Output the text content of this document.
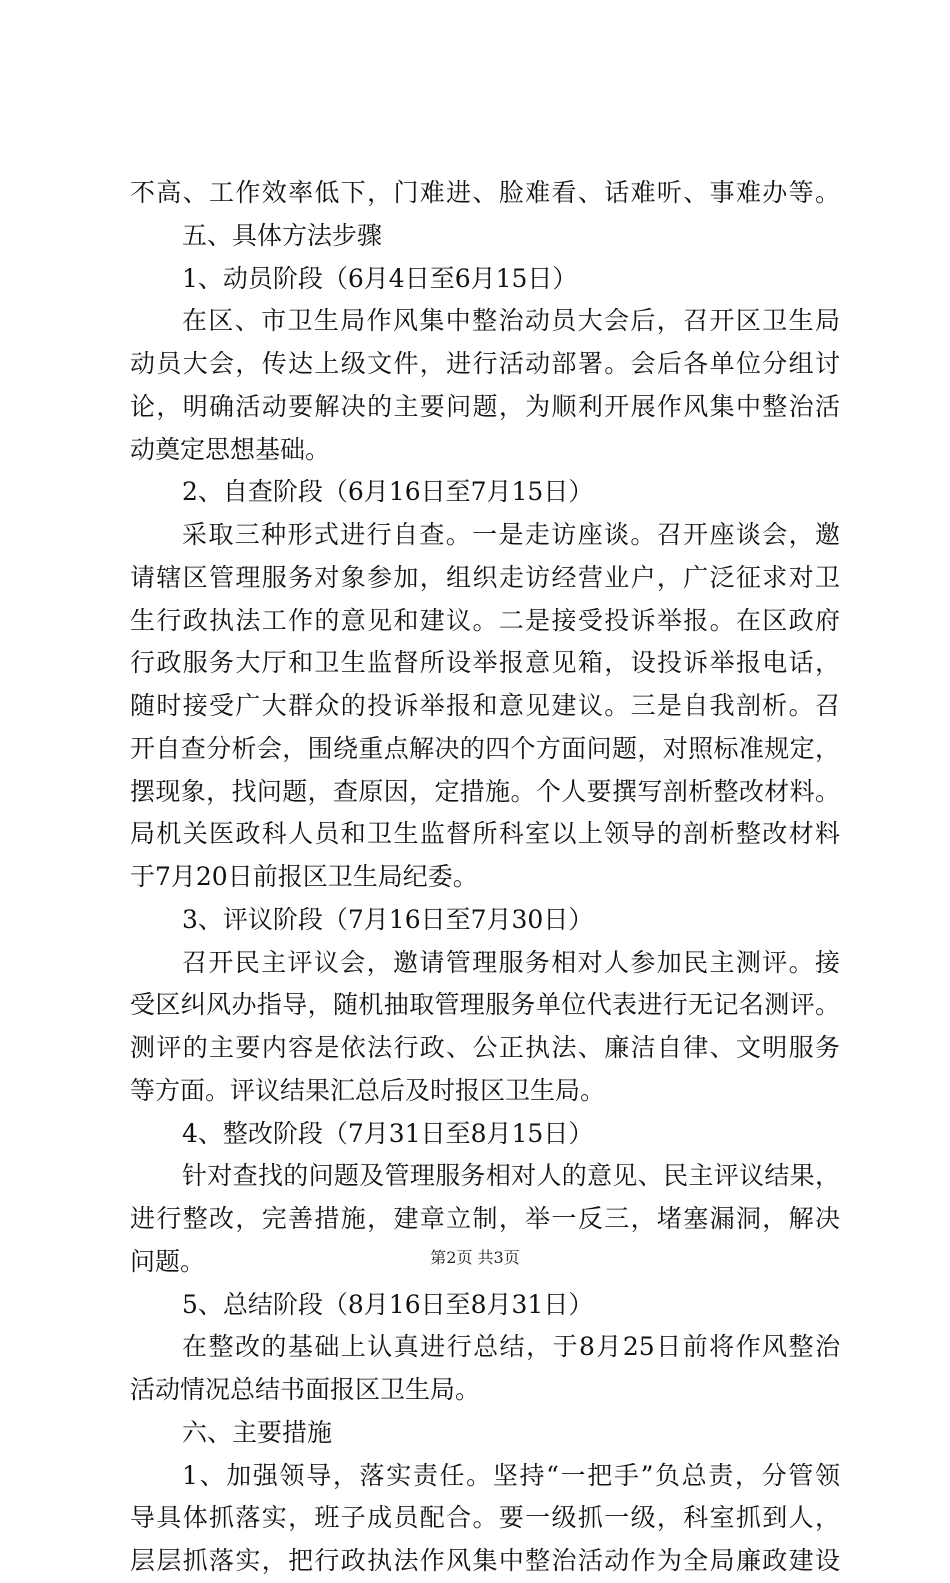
不高、工作效率低下，门难进、脸难看、话难听、事难办等。
五、具体方法步骤
1、动员阶段（6月4日至6月15日）
在区、市卫生局作风集中整治动员大会后，召开区卫生局
动员大会，传达上级文件，进行活动部署。会后各单位分组讨
论，明确活动要解决的主要问题，为顺利开展作风集中整治活
动奠定思想基础。
2、自查阶段（6月16日至7月15日）
采取三种形式进行自查。一是走访座谈。召开座谈会，邀
请辖区管理服务对象参加，组织走访经营业户，广泛征求对卫
生行政执法工作的意见和建议。二是接受投诉举报。在区政府
行政服务大厅和卫生监督所设举报意见箱，设投诉举报电话，
随时接受广大群众的投诉举报和意见建议。三是自我剖析。召
开自查分析会，围绕重点解决的四个方面问题，对照标准规定，
摆现象，找问题，查原因，定措施。个人要撰写剖析整改材料。
局机关医政科人员和卫生监督所科室以上领导的剖析整改材料
于7月20日前报区卫生局纪委。
3、评议阶段（7月16日至7月30日）
召开民主评议会，邀请管理服务相对人参加民主测评。接
受区纠风办指导，随机抽取管理服务单位代表进行无记名测评。
测评的主要内容是依法行政、公正执法、廉洁自律、文明服务
等方面。评议结果汇总后及时报区卫生局。
4、整改阶段（7月31日至8月15日）
针对查找的问题及管理服务相对人的意见、民主评议结果，
进行整改，完善措施，建章立制，举一反三，堵塞漏洞，解决
问题。
5、总结阶段（8月16日至8月31日）
在整改的基础上认真进行总结，于8月25日前将作风整治
活动情况总结书面报区卫生局。
六、主要措施
1、加强领导，落实责任。坚持“一把手”负总责，分管领
导具体抓落实，班子成员配合。要一级抓一级，科室抓到人，
层层抓落实，把行政执法作风集中整治活动作为全局廉政建设
第2页 共3页
